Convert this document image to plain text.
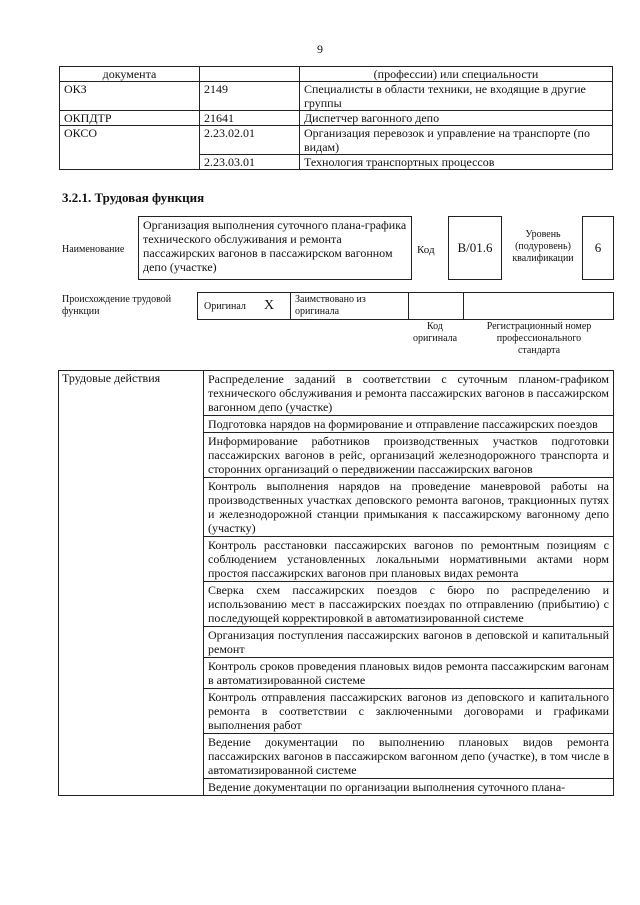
9
документа		(профессии) или специальности
ОКЗ	2149	Специалисты в области техники, не входящие в другие группы
ОКПДТР	21641	Диспетчер вагонного депо
ОКСО	2.23.02.01	Организация перевозок и управление на транспорте (по видам)
	2.23.03.01	Технология транспортных процессов
3.2.1. Трудовая функция
Наименование
Организация выполнения суточного плана-графика технического обслуживания и ремонта пассажирских вагонов в пассажирском вагонном депо (участке)
Код B/01.6
Уровень (подуровень) квалификации
6
Происхождение трудовой функции	Оригинал X Заимствовано из оригинала
Код оригинала
Регистрационный номер профессионального стандарта
Трудовые действия	Распределение заданий в соответствии с суточным планом-графиком технического обслуживания и ремонта пассажирских вагонов в пассажирском вагонном депо (участке)
Подготовка нарядов на формирование и отправление пассажирских поездов
Информирование работников производственных участков подготовки пассажирских вагонов в рейс, организаций железнодорожного транспорта и сторонних организаций о передвижении пассажирских вагонов
Контроль выполнения нарядов на проведение маневровой работы на производственных участках деповского ремонта вагонов, тракционных путях и железнодорожной станции примыкания к пассажирскому вагонному депо (участку)
Контроль расстановки пассажирских вагонов по ремонтным позициям с соблюдением установленных локальными нормативными актами норм простоя пассажирских вагонов при плановых видах ремонта
Сверка схем пассажирских поездов с бюро по распределению и использованию мест в пассажирских поездах по отправлению (прибытию) с последующей корректировкой в автоматизированной системе
Организация поступления пассажирских вагонов в деповской и капитальный ремонт
Контроль сроков проведения плановых видов ремонта пассажирским вагонам в автоматизированной системе
Контроль отправления пассажирских вагонов из деповского и капитального ремонта в соответствии с заключенными договорами и графиками выполнения работ
Ведение документации по выполнению плановых видов ремонта пассажирских вагонов в пассажирском вагонном депо (участке), в том числе в автоматизированной системе
Ведение документации по организации выполнения суточного плана-
